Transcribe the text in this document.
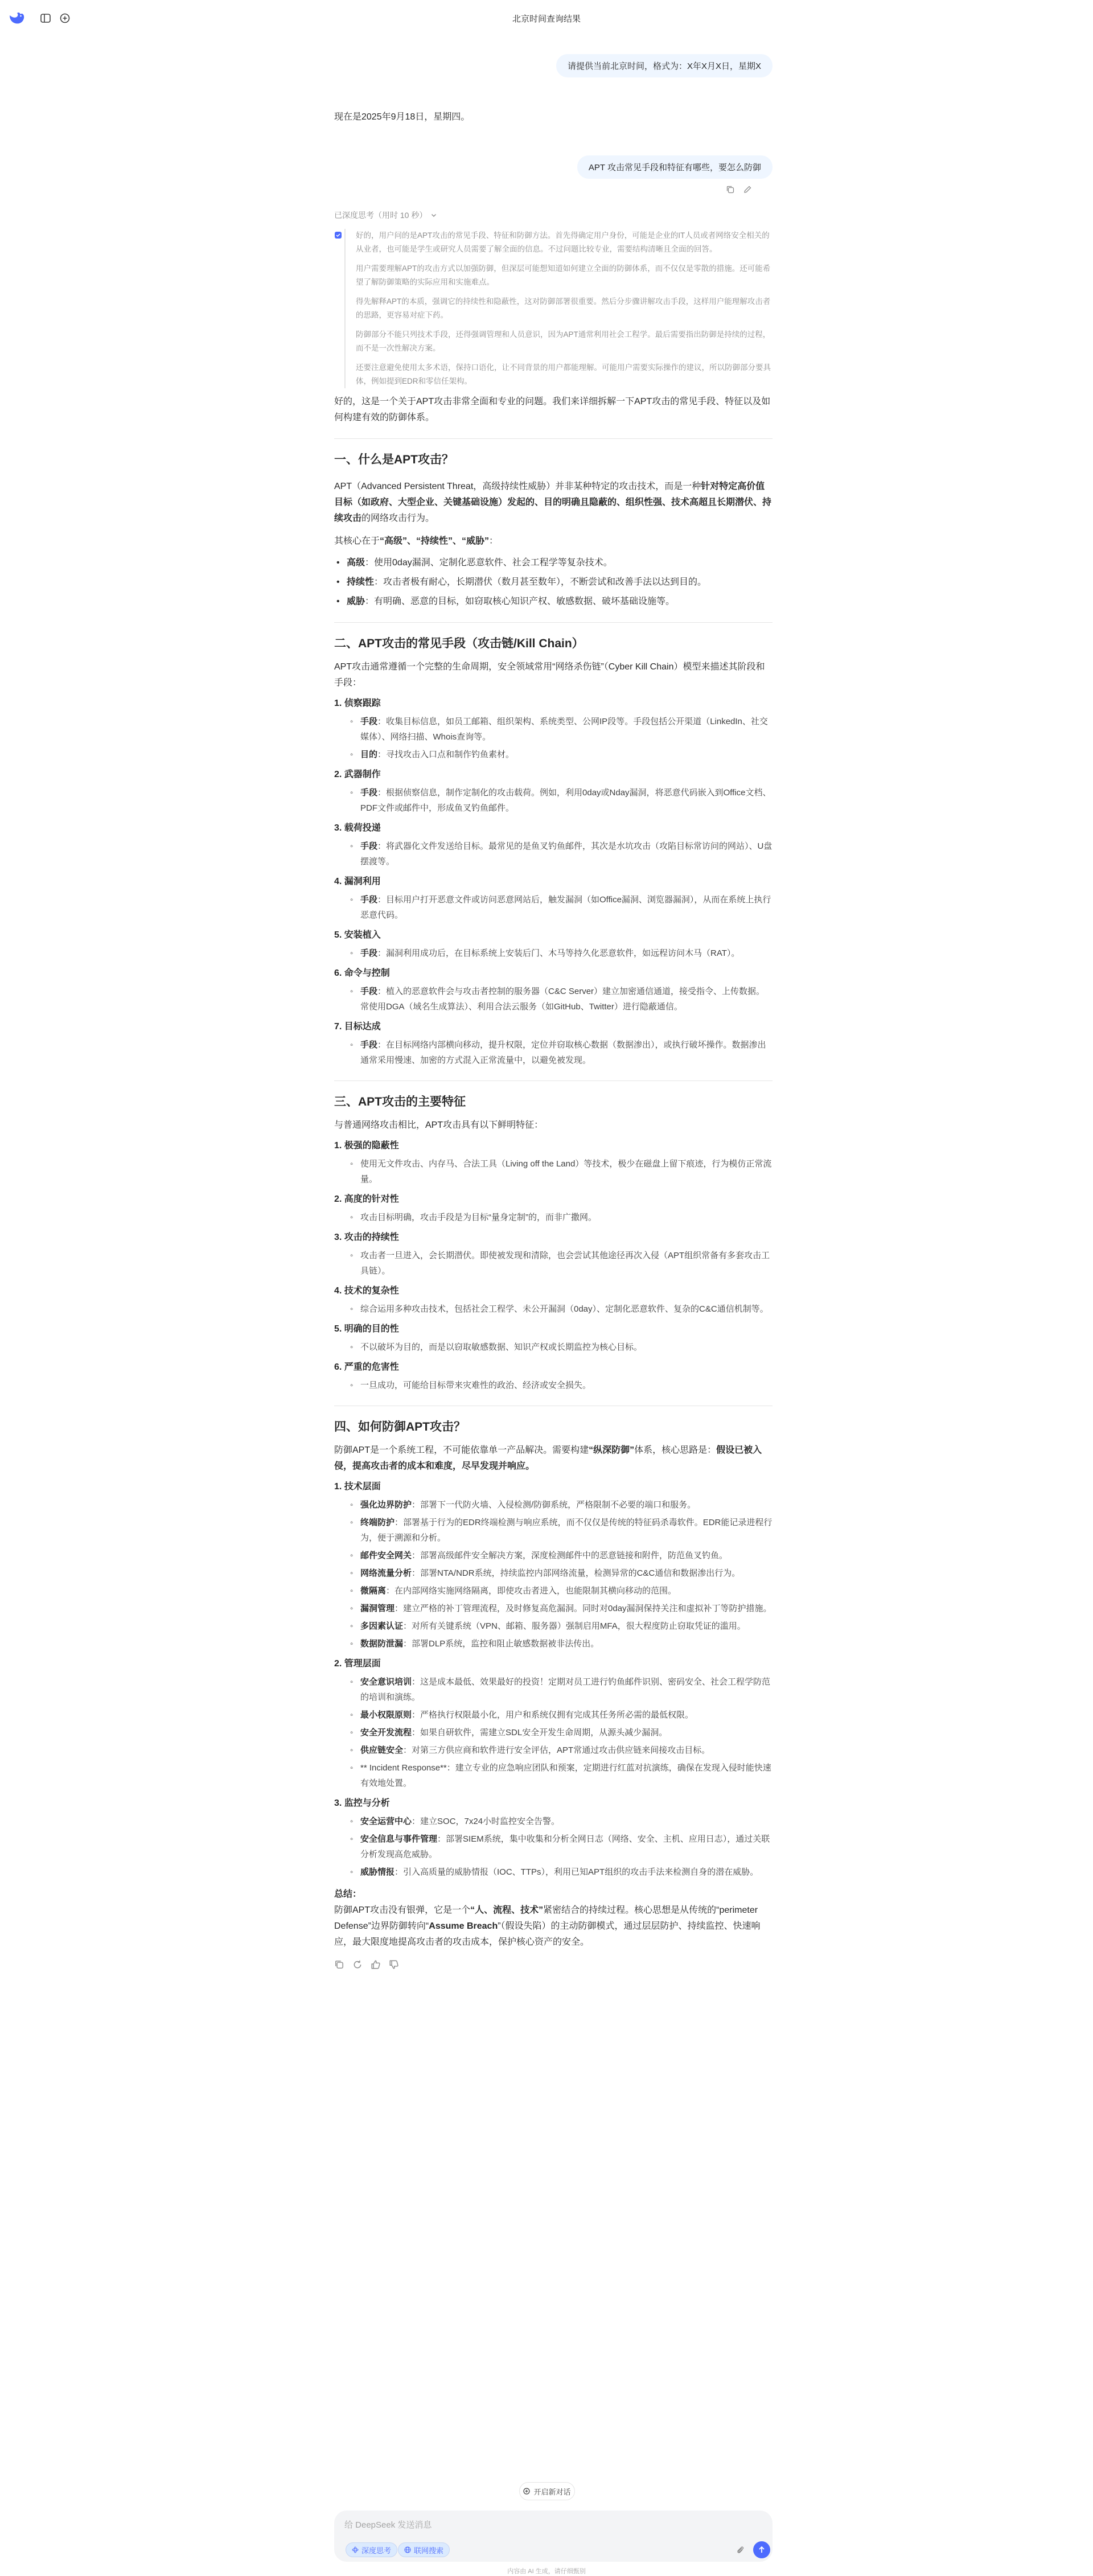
北京时间查询结果
请提供当前北京时间，格式为：X年X月X日，星期X
现在是2025年9月18日，星期四。
APT 攻击常见手段和特征有哪些，要怎么防御
已深度思考（用时 10 秒）

好的，用户问的是APT攻击的常见手段、特征和防御方法。首先得确定用户身份，可能是企业的IT人员或者网络安全相关的从业者，也可能是学生或研究人员需要了解全面的信息。不过问题比较专业，需要结构清晰且全面的回答。

用户需要理解APT的攻击方式以加强防御，但深层可能想知道如何建立全面的防御体系，而不仅仅是零散的措施。还可能希望了解防御策略的实际应用和实施难点。

得先解释APT的本质，强调它的持续性和隐蔽性，这对防御部署很重要。然后分步骤讲解攻击手段，这样用户能理解攻击者的思路，更容易对症下药。

防御部分不能只列技术手段，还得强调管理和人员意识，因为APT通常利用社会工程学。最后需要指出防御是持续的过程，而不是一次性解决方案。

还要注意避免使用太多术语，保持口语化，让不同背景的用户都能理解。可能用户需要实际操作的建议，所以防御部分要具体，例如提到EDR和零信任架构。

好的，这是一个关于APT攻击非常全面和专业的问题。我们来详细拆解一下APT攻击的常见手段、特征以及如何构建有效的防御体系。
一、什么是APT攻击？
APT（Advanced Persistent Threat，高级持续性威胁）并非某种特定的攻击技术，而是一种针对特定高价值目标（如政府、大型企业、关键基础设施）发起的、目的明确且隐蔽的、组织性强、技术高超且长期潜伏、持续攻击的网络攻击行为。
其核心在于“高级”、“持续性”、“威胁”：
• 高级：使用0day漏洞、定制化恶意软件、社会工程学等复杂技术。
• 持续性：攻击者极有耐心，长期潜伏（数月甚至数年），不断尝试和改善手法以达到目的。
• 威胁：有明确、恶意的目标，如窃取核心知识产权、敏感数据、破坏基础设施等。
二、APT攻击的常见手段（攻击链/Kill Chain）
APT攻击通常遵循一个完整的生命周期，安全领域常用“网络杀伤链”（Cyber Kill Chain）模型来描述其阶段和手段：
1. 侦察跟踪
◦ 手段：收集目标信息，如员工邮箱、组织架构、系统类型、公网IP段等。手段包括公开渠道（LinkedIn、社交媒体）、网络扫描、Whois查询等。
◦ 目的：寻找攻击入口点和制作钓鱼素材。
2. 武器制作
◦ 手段：根据侦察信息，制作定制化的攻击载荷。例如，利用0day或Nday漏洞，将恶意代码嵌入到Office文档、PDF文件或邮件中，形成鱼叉钓鱼邮件。
3. 载荷投递
◦ 手段：将武器化文件发送给目标。最常见的是鱼叉钓鱼邮件，其次是水坑攻击（攻陷目标常访问的网站）、U盘摆渡等。
4. 漏洞利用
◦ 手段：目标用户打开恶意文件或访问恶意网站后，触发漏洞（如Office漏洞、浏览器漏洞），从而在系统上执行恶意代码。
5. 安装植入
◦ 手段：漏洞利用成功后，在目标系统上安装后门、木马等持久化恶意软件，如远程访问木马（RAT）。
6. 命令与控制
◦ 手段：植入的恶意软件会与攻击者控制的服务器（C&C Server）建立加密通信通道，接受指令、上传数据。常使用DGA（域名生成算法）、利用合法云服务（如GitHub、Twitter）进行隐蔽通信。
7. 目标达成
◦ 手段：在目标网络内部横向移动，提升权限，定位并窃取核心数据（数据渗出），或执行破坏操作。数据渗出通常采用慢速、加密的方式混入正常流量中，以避免被发现。
三、APT攻击的主要特征
与普通网络攻击相比，APT攻击具有以下鲜明特征：
1. 极强的隐蔽性
◦ 使用无文件攻击、内存马、合法工具（Living off the Land）等技术，极少在磁盘上留下痕迹，行为模仿正常流量。
2. 高度的针对性
◦ 攻击目标明确，攻击手段是为目标“量身定制”的，而非广撒网。
3. 攻击的持续性
◦ 攻击者一旦进入，会长期潜伏。即使被发现和清除，也会尝试其他途径再次入侵（APT组织常备有多套攻击工具链）。
4. 技术的复杂性
◦ 综合运用多种攻击技术，包括社会工程学、未公开漏洞（0day）、定制化恶意软件、复杂的C&C通信机制等。
5. 明确的目的性
◦ 不以破坏为目的，而是以窃取敏感数据、知识产权或长期监控为核心目标。
6. 严重的危害性
◦ 一旦成功，可能给目标带来灾难性的政治、经济或安全损失。
四、如何防御APT攻击？
防御APT是一个系统工程，不可能依靠单一产品解决。需要构建“纵深防御”体系，核心思路是：假设已被入侵，提高攻击者的成本和难度，尽早发现并响应。
1. 技术层面
◦ 强化边界防护：部署下一代防火墙、入侵检测/防御系统，严格限制不必要的端口和服务。
◦ 终端防护：部署基于行为的EDR终端检测与响应系统，而不仅仅是传统的特征码杀毒软件。EDR能记录进程行为，便于溯源和分析。
◦ 邮件安全网关：部署高级邮件安全解决方案，深度检测邮件中的恶意链接和附件，防范鱼叉钓鱼。
◦ 网络流量分析：部署NTA/NDR系统，持续监控内部网络流量，检测异常的C&C通信和数据渗出行为。
◦ 微隔离：在内部网络实施网络隔离，即使攻击者进入，也能限制其横向移动的范围。
◦ 漏洞管理：建立严格的补丁管理流程，及时修复高危漏洞。同时对0day漏洞保持关注和虚拟补丁等防护措施。
◦ 多因素认证：对所有关键系统（VPN、邮箱、服务器）强制启用MFA，很大程度防止窃取凭证的滥用。
◦ 数据防泄漏：部署DLP系统，监控和阻止敏感数据被非法传出。
2. 管理层面
◦ 安全意识培训：这是成本最低、效果最好的投资！定期对员工进行钓鱼邮件识别、密码安全、社会工程学防范的培训和演练。
◦ 最小权限原则：严格执行权限最小化，用户和系统仅拥有完成其任务所必需的最低权限。
◦ 安全开发流程：如果自研软件，需建立SDL安全开发生命周期，从源头减少漏洞。
◦ 供应链安全：对第三方供应商和软件进行安全评估，APT常通过攻击供应链来间接攻击目标。
◦ ** Incident Response**：建立专业的应急响应团队和预案，定期进行红蓝对抗演练，确保在发现入侵时能快速有效地处置。
3. 监控与分析
◦ 安全运营中心：建立SOC，7x24小时监控安全告警。
◦ 安全信息与事件管理：部署SIEM系统，集中收集和分析全网日志（网络、安全、主机、应用日志），通过关联分析发现高危威胁。
◦ 威胁情报：引入高质量的威胁情报（IOC、TTPs），利用已知APT组织的攻击手法来检测自身的潜在威胁。
总结：
防御APT攻击没有银弹，它是一个“人、流程、技术”紧密结合的持续过程。核心思想是从传统的“perimeter Defense”边界防御转向“Assume Breach”（假设失陷）的主动防御模式，通过层层防护、持续监控、快速响应，最大限度地提高攻击者的攻击成本，保护核心资产的安全。
开启新对话
给 DeepSeek 发送消息
深度思考	联网搜索
内容由 AI 生成，请仔细甄别
